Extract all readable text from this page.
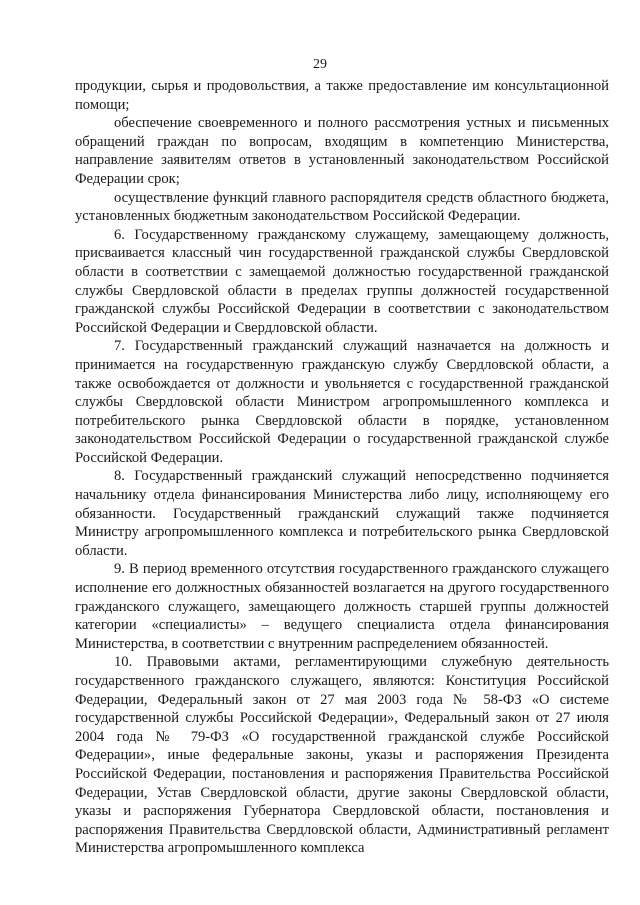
29

продукции, сырья и продовольствия, а также предоставление им консультационной помощи;

обеспечение своевременного и полного рассмотрения устных и письменных обращений граждан по вопросам, входящим в компетенцию Министерства, направление заявителям ответов в установленный законодательством Российской Федерации срок;

осуществление функций главного распорядителя средств областного бюджета, установленных бюджетным законодательством Российской Федерации.

6. Государственному гражданскому служащему, замещающему должность, присваивается классный чин государственной гражданской службы Свердловской области в соответствии с замещаемой должностью государственной гражданской службы Свердловской области в пределах группы должностей государственной гражданской службы Российской Федерации в соответствии с законодательством Российской Федерации и Свердловской области.

7. Государственный гражданский служащий назначается на должность и принимается на государственную гражданскую службу Свердловской области, а также освобождается от должности и увольняется с государственной гражданской службы Свердловской области Министром агропромышленного комплекса и потребительского рынка Свердловской области в порядке, установленном законодательством Российской Федерации о государственной гражданской службе Российской Федерации.

8. Государственный гражданский служащий непосредственно подчиняется начальнику отдела финансирования Министерства либо лицу, исполняющему его обязанности. Государственный гражданский служащий также подчиняется Министру агропромышленного комплекса и потребительского рынка Свердловской области.

9. В период временного отсутствия государственного гражданского служащего исполнение его должностных обязанностей возлагается на другого государственного гражданского служащего, замещающего должность старшей группы должностей категории «специалисты» – ведущего специалиста отдела финансирования Министерства, в соответствии с внутренним распределением обязанностей.

10. Правовыми актами, регламентирующими служебную деятельность государственного гражданского служащего, являются: Конституция Российской Федерации, Федеральный закон от 27 мая 2003 года № 58-ФЗ «О системе государственной службы Российской Федерации», Федеральный закон от 27 июля 2004 года № 79-ФЗ «О государственной гражданской службе Российской Федерации», иные федеральные законы, указы и распоряжения Президента Российской Федерации, постановления и распоряжения Правительства Российской Федерации, Устав Свердловской области, другие законы Свердловской области, указы и распоряжения Губернатора Свердловской области, постановления и распоряжения Правительства Свердловской области, Административный регламент Министерства агропромышленного комплекса
